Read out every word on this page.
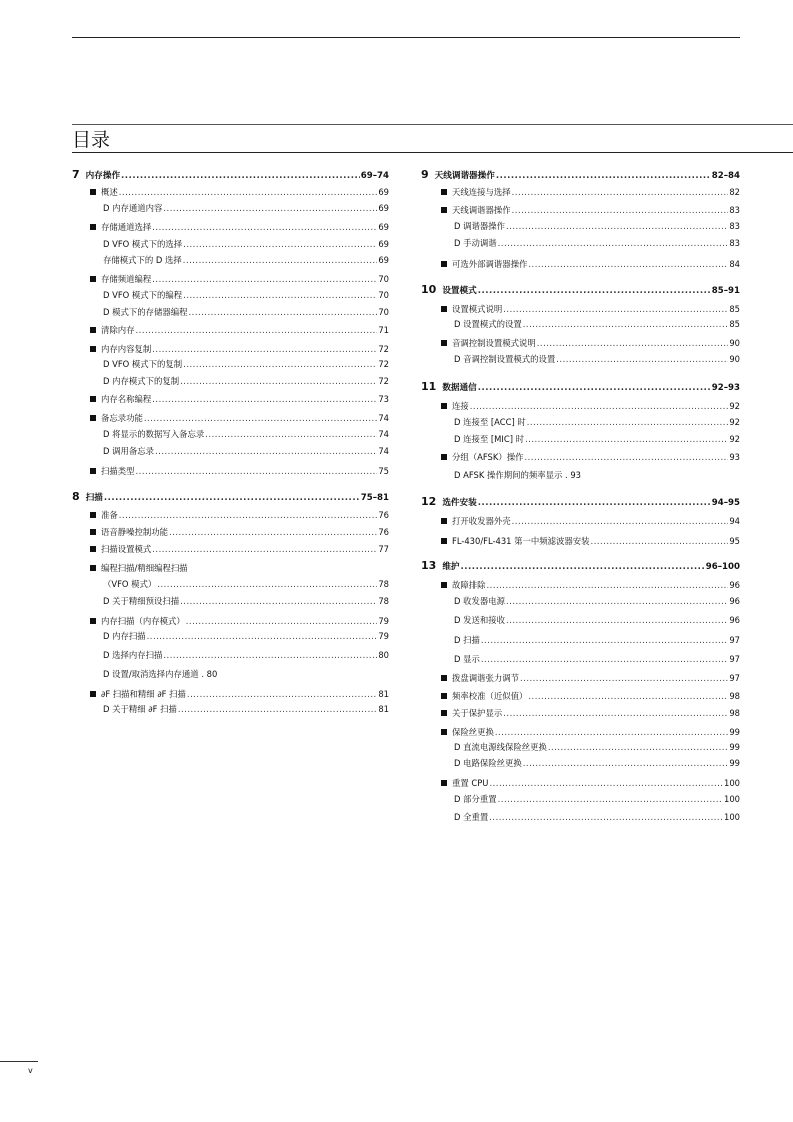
目录
7 内存操作 .....	69–74
概述 .....	69
D 内存通道内容 .....	69
存储通道选择 .....	69
D VFO 模式下的选择 .....	69
存储模式下的 D 选择 .....	69
存储频道编程 .....	70
D VFO 模式下的编程 .....	70
D 模式下的存储器编程 .....	70
清除内存 .....	71
内存内容复制 .....	72
D VFO 模式下的复制 .....	72
D 内存模式下的复制 .....	72
内存名称编程 .....	73
备忘录功能 .....	74
D 将显示的数据写入备忘录 .....	74
D 调用备忘录 .....	74
扫描类型 .....	75
8 扫描 .....	75–81
准备 .....	76
语音静噪控制功能 .....	76
扫描设置模式 .....	77
编程扫描/精细编程扫描
（VFO 模式） .....	78
D 关于精细预设扫描 .....	78
内存扫描（内存模式） .....	79
D 内存扫描 .....	79
D 选择内存扫描 .....	80
D 设置/取消选择内存通道 . 80
∂F 扫描和精细 ∂F 扫描 .....	81
D 关于精细 ∂F 扫描 .....	81
9 天线调谐器操作 .....	82–84
天线连接与选择 .....	82
天线调谐器操作 .....	83
D 调谐器操作 .....	83
D 手动调谐 .....	83
可选外部调谐器操作 .....	84
10 设置模式 .....	85–91
设置模式说明 .....	85
D 设置模式的设置 .....	85
音调控制设置模式说明 .....	90
D 音调控制设置模式的设置 .....	90
11 数据通信 .....	92–93
连接 .....	92
D 连接至 [ACC] 时 .....	92
D 连接至 [MIC] 时 .....	92
分组（AFSK）操作 .....	93
D AFSK 操作期间的频率显示 . 93
12 选件安装 .....	94–95
打开收发器外壳 .....	94
FL-430/FL-431 第一中频滤波器安装 .....	95
13 维护 .....	96–100
故障排除 .....	96
D 收发器电源 .....	96
D 发送和接收 .....	96
D 扫描 .....	97
D 显示 .....	97
拨盘调谐张力调节 .....	97
频率校准（近似值） .....	98
关于保护显示 .....	98
保险丝更换 .....	99
D 直流电源线保险丝更换 .....	99
D 电路保险丝更换 .....	99
重置 CPU .....	100
D 部分重置 .....	100
D 全重置 .....	100
v
